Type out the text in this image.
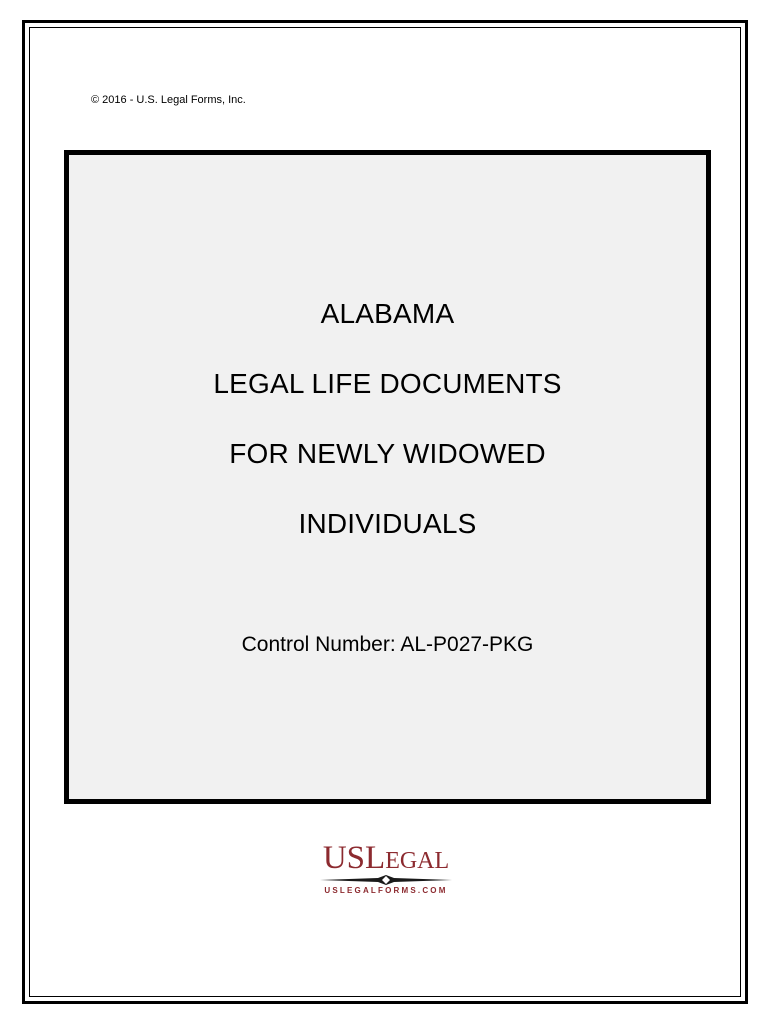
© 2016 - U.S. Legal Forms, Inc.
ALABAMA
LEGAL LIFE DOCUMENTS
FOR NEWLY WIDOWED
INDIVIDUALS
Control Number: AL-P027-PKG
USLEGAL
USLEGALFORMS.COM
